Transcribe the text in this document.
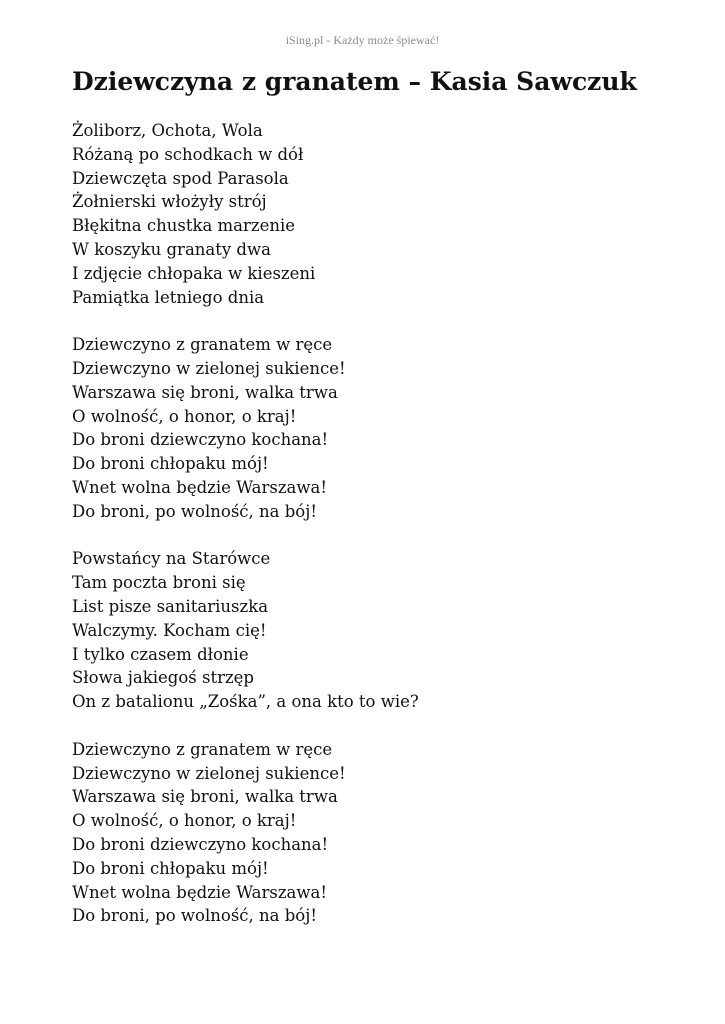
iSing.pl - Każdy może śpiewać!
Dziewczyna z granatem – Kasia Sawczuk
Żoliborz, Ochota, Wola
Różaną po schodkach w dół
Dziewczęta spod Parasola
Żołnierski włożyły strój
Błękitna chustka marzenie
W koszyku granaty dwa
I zdjęcie chłopaka w kieszeni
Pamiątka letniego dnia
Dziewczyno z granatem w ręce
Dziewczyno w zielonej sukience!
Warszawa się broni, walka trwa
O wolność, o honor, o kraj!
Do broni dziewczyno kochana!
Do broni chłopaku mój!
Wnet wolna będzie Warszawa!
Do broni, po wolność, na bój!
Powstańcy na Starówce
Tam poczta broni się
List pisze sanitariuszka
Walczymy. Kocham cię!
I tylko czasem dłonie
Słowa jakiegoś strzęp
On z batalionu „Zośka”, a ona kto to wie?
Dziewczyno z granatem w ręce
Dziewczyno w zielonej sukience!
Warszawa się broni, walka trwa
O wolność, o honor, o kraj!
Do broni dziewczyno kochana!
Do broni chłopaku mój!
Wnet wolna będzie Warszawa!
Do broni, po wolność, na bój!
